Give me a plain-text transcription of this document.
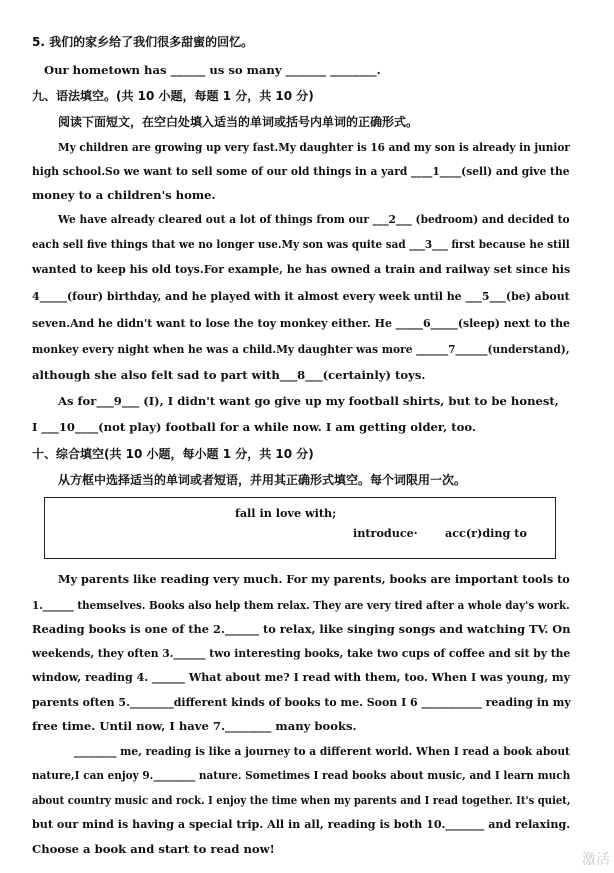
5. 我们的家乡给了我们很多甜蜜的回忆。
Our hometown has ______ us so many _______ ________.
九、语法填空。(共 10 小题，每题 1 分，共 10 分)
阅读下面短文，在空白处填入适当的单词或括号内单词的正确形式。
My children are growing up very fast.My daughter is 16 and my son is already in junior
high school.So we want to sell some of our old things in a yard ____1____(sell) and give the
money to a children's home.
We have already cleared out a lot of things from our ___2___ (bedroom) and decided to
each sell five things that we no longer use.My son was quite sad ___3___ first because he still
wanted to keep his old toys.For example, he has owned a train and railway set since his
4_____(four) birthday, and he played with it almost every week until he ___5___(be) about
seven.And he didn't want to lose the toy monkey either. He _____6_____(sleep) next to the
monkey every night when he was a child.My daughter was more ______7______(understand),
although she also felt sad to part with___8___(certainly) toys.
As for___9___ (I), I didn't want go give up my football shirts, but to be honest,
I ___10____(not play) football for a while now. I am getting older, too.
十、综合填空(共 10 小题，每小题 1 分，共 10 分)
从方框中选择适当的单词或者短语，并用其正确形式填空。每个词限用一次。
fall in love with;
introduce· acc(r)ding to
My parents like reading very much. For my parents, books are important tools to
1.______ themselves. Books also help them relax. They are very tired after a whole day's work.
Reading books is one of the 2.______ to relax, like singing songs and watching TV. On
weekends, they often 3.______ two interesting books, take two cups of coffee and sit by the
window, reading 4. ______ What about me? I read with them, too. When I was young, my
parents often 5.________different kinds of books to me. Soon I 6 ___________ reading in my
free time. Until now, I have 7.________ many books.
________ me, reading is like a journey to a different world. When I read a book about
nature,I can enjoy 9.________ nature. Sometimes I read books about music, and I learn much
about country music and rock. I enjoy the time when my parents and I read together. It's quiet,
but our mind is having a special trip. All in all, reading is both 10._______ and relaxing.
Choose a book and start to read now!
激活
